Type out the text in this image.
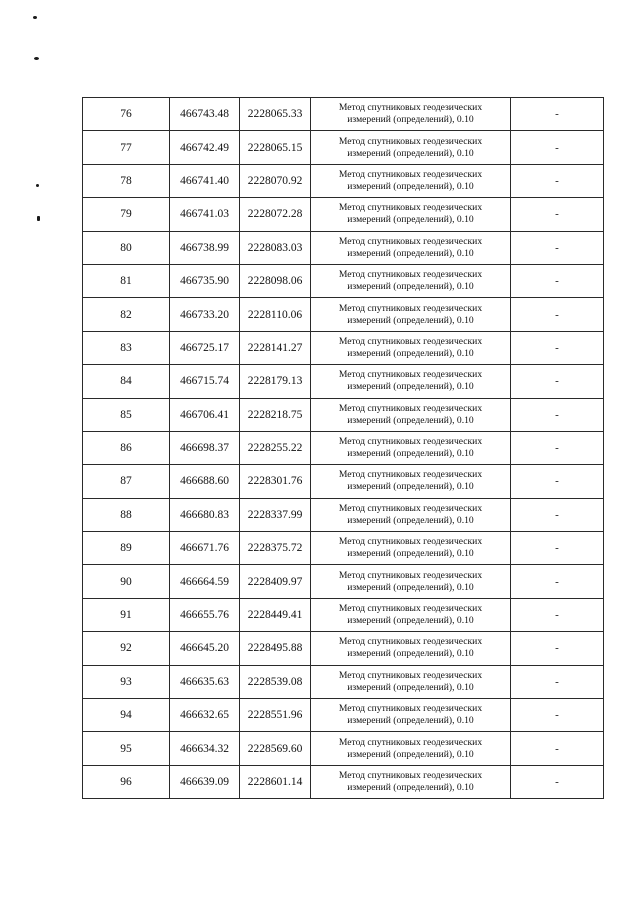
76	466743.48	2228065.33	Метод спутниковых геодезических
измерений (определений), 0.10	-
77	466742.49	2228065.15	Метод спутниковых геодезических
измерений (определений), 0.10	-
78	466741.40	2228070.92	Метод спутниковых геодезических
измерений (определений), 0.10	-
79	466741.03	2228072.28	Метод спутниковых геодезических
измерений (определений), 0.10	-
80	466738.99	2228083.03	Метод спутниковых геодезических
измерений (определений), 0.10	-
81	466735.90	2228098.06	Метод спутниковых геодезических
измерений (определений), 0.10	-
82	466733.20	2228110.06	Метод спутниковых геодезических
измерений (определений), 0.10	-
83	466725.17	2228141.27	Метод спутниковых геодезических
измерений (определений), 0.10	-
84	466715.74	2228179.13	Метод спутниковых геодезических
измерений (определений), 0.10	-
85	466706.41	2228218.75	Метод спутниковых геодезических
измерений (определений), 0.10	-
86	466698.37	2228255.22	Метод спутниковых геодезических
измерений (определений), 0.10	-
87	466688.60	2228301.76	Метод спутниковых геодезических
измерений (определений), 0.10	-
88	466680.83	2228337.99	Метод спутниковых геодезических
измерений (определений), 0.10	-
89	466671.76	2228375.72	Метод спутниковых геодезических
измерений (определений), 0.10	-
90	466664.59	2228409.97	Метод спутниковых геодезических
измерений (определений), 0.10	-
91	466655.76	2228449.41	Метод спутниковых геодезических
измерений (определений), 0.10	-
92	466645.20	2228495.88	Метод спутниковых геодезических
измерений (определений), 0.10	-
93	466635.63	2228539.08	Метод спутниковых геодезических
измерений (определений), 0.10	-
94	466632.65	2228551.96	Метод спутниковых геодезических
измерений (определений), 0.10	-
95	466634.32	2228569.60	Метод спутниковых геодезических
измерений (определений), 0.10	-
96	466639.09	2228601.14	Метод спутниковых геодезических
измерений (определений), 0.10	-
